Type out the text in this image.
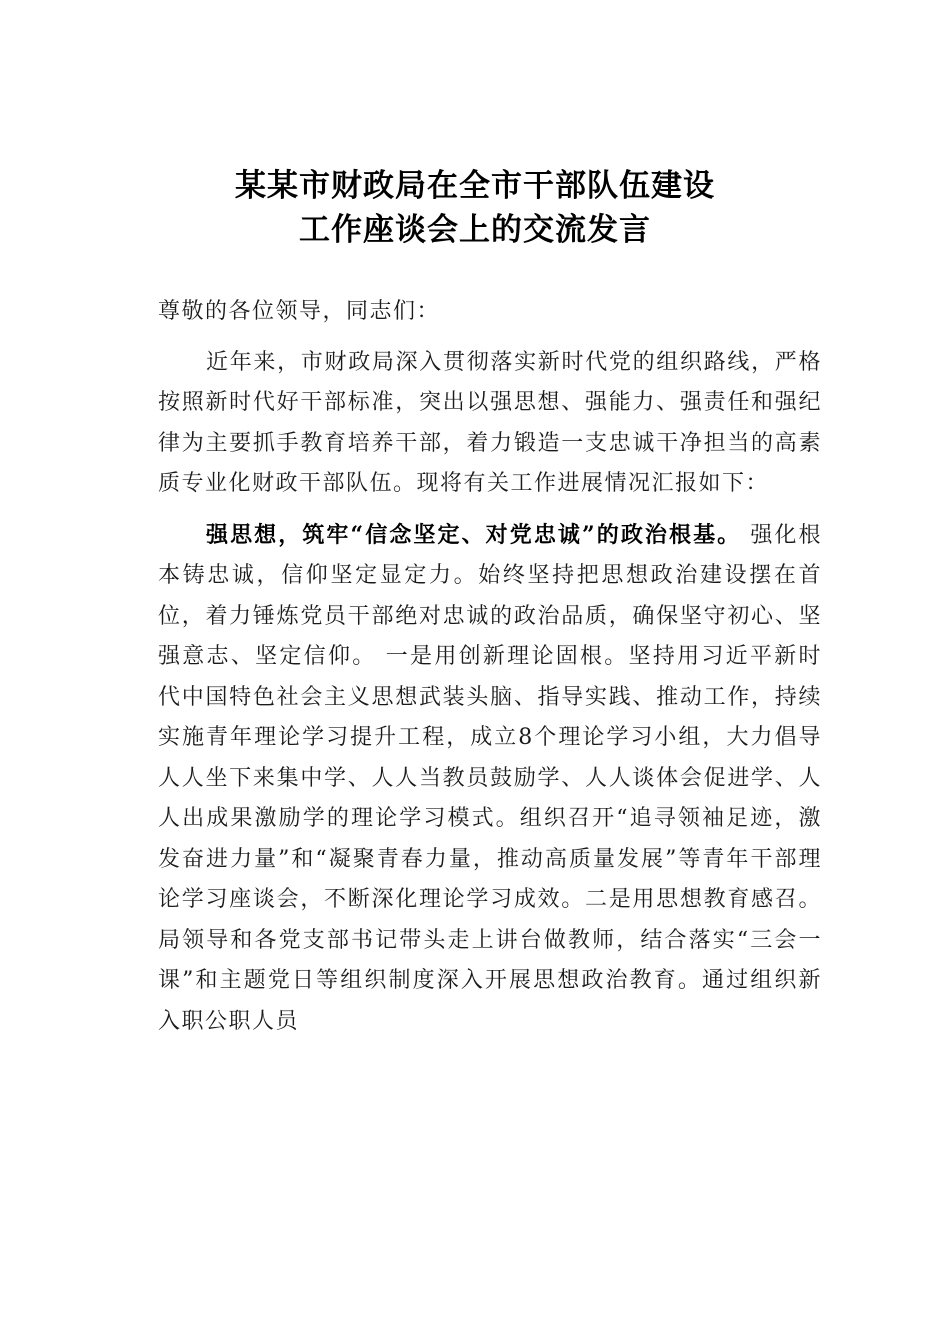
某某市财政局在全市干部队伍建设
工作座谈会上的交流发言

尊敬的各位领导，同志们：

近年来，市财政局深入贯彻落实新时代党的组织路线，严格按照新时代好干部标准，突出以强思想、强能力、强责任和强纪律为主要抓手教育培养干部，着力锻造一支忠诚干净担当的高素质专业化财政干部队伍。现将有关工作进展情况汇报如下：

强思想，筑牢“信念坚定、对党忠诚”的政治根基。 强化根本铸忠诚，信仰坚定显定力。始终坚持把思想政治建设摆在首位，着力锤炼党员干部绝对忠诚的政治品质，确保坚守初心、坚强意志、坚定信仰。 一是用创新理论固根。坚持用习近平新时代中国特色社会主义思想武装头脑、指导实践、推动工作，持续实施青年理论学习提升工程，成立8个理论学习小组，大力倡导人人坐下来集中学、人人当教员鼓励学、人人谈体会促进学、人人出成果激励学的理论学习模式。组织召开“追寻领袖足迹，激发奋进力量”和“凝聚青春力量，推动高质量发展”等青年干部理论学习座谈会，不断深化理论学习成效。二是用思想教育感召。局领导和各党支部书记带头走上讲台做教师，结合落实“三会一课”和主题党日等组织制度深入开展思想政治教育。通过组织新入职公职人员
